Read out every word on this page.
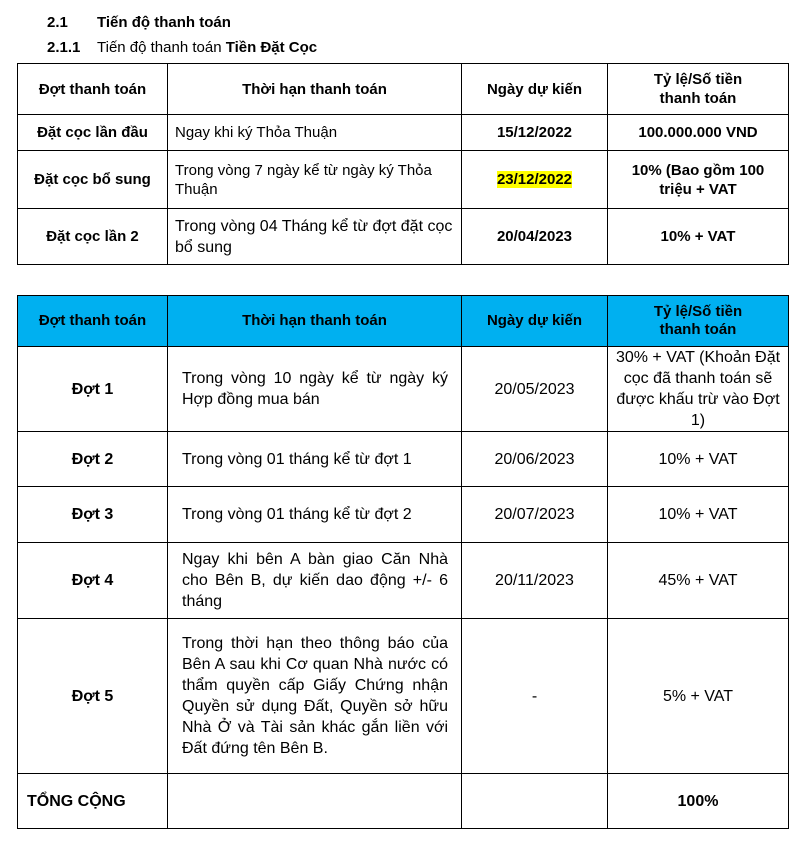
2.1 Tiến độ thanh toán
2.1.1 Tiến độ thanh toán Tiền Đặt Cọc
Đợt thanh toán	Thời hạn thanh toán	Ngày dự kiến	Tỷ lệ/Số tiền
thanh toán
Đặt cọc lần đầu	Ngay khi ký Thỏa Thuận	15/12/2022	100.000.000 VND
Đặt cọc bổ sung	Trong vòng 7 ngày kể từ ngày ký Thỏa Thuận	23/12/2022	10% (Bao gồm 100 triệu + VAT
Đặt cọc lần 2	Trong vòng 04 Tháng kể từ đợt đặt cọc bổ sung	20/04/2023	10% + VAT
Đợt thanh toán	Thời hạn thanh toán	Ngày dự kiến	Tỷ lệ/Số tiền
thanh toán
Đợt 1	Trong vòng 10 ngày kể từ ngày ký Hợp đồng mua bán	20/05/2023	30% + VAT (Khoản Đặt cọc đã thanh toán sẽ được khấu trừ vào Đợt 1)
Đợt 2	Trong vòng 01 tháng kể từ đợt 1	20/06/2023	10% + VAT
Đợt 3	Trong vòng 01 tháng kể từ đợt 2	20/07/2023	10% + VAT
Đợt 4	Ngay khi bên A bàn giao Căn Nhà cho Bên B, dự kiến dao động +/- 6 tháng	20/11/2023	45% + VAT
Đợt 5	Trong thời hạn theo thông báo của Bên A sau khi Cơ quan Nhà nước có thẩm quyền cấp Giấy Chứng nhận Quyền sử dụng Đất, Quyền sở hữu Nhà Ở và Tài sản khác gắn liền với Đất đứng tên Bên B.	-	5% + VAT
TỔNG CỘNG			100%
